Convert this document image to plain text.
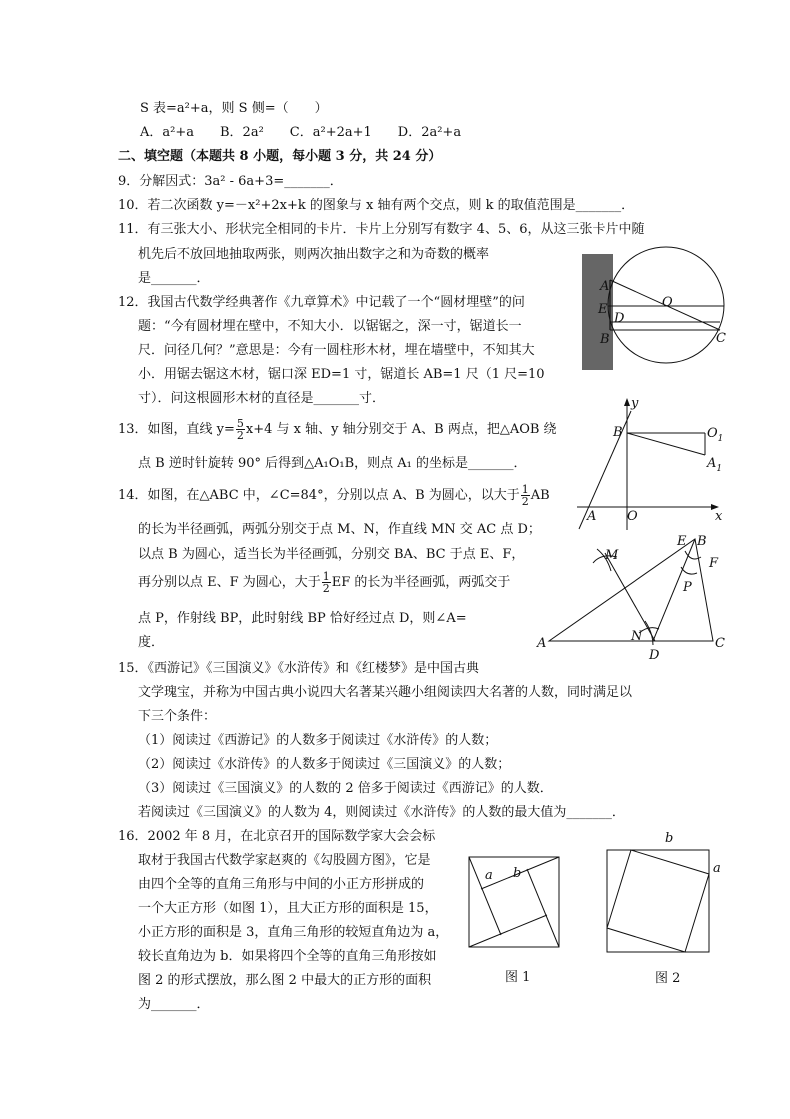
S 表=a²+a，则 S 侧=（　　）
A．a²+a　　B．2a²　　C．a²+2a+1　　D．2a²+a
二、填空题（本题共 8 小题，每小题 3 分，共 24 分）
9．分解因式：3a² - 6a+3=_______．
10．若二次函数 y=－x²+2x+k 的图象与 x 轴有两个交点，则 k 的取值范围是_______．
11．有三张大小、形状完全相同的卡片．卡片上分别写有数字 4、5、6，从这三张卡片中随
机先后不放回地抽取两张，则两次抽出数字之和为奇数的概率
是_______．
12．我国古代数学经典著作《九章算术》中记载了一个“圆材埋壁”的问
题：“今有圆材埋在壁中，不知大小．以锯锯之，深一寸，锯道长一
尺．问径几何？”意思是：今有一圆柱形木材，埋在墙壁中，不知其大
小．用锯去锯这木材，锯口深 ED=1 寸，锯道长 AB=1 尺（1 尺=10
寸）．问这根圆形木材的直径是_______寸．
A
E
D
B
O
C
13．如图，直线 $y= \frac{5}{2} x+4$ 与 x 轴、y 轴分别交于 A、B 两点，把△AOB 绕
点 B 逆时针旋转 90° 后得到△A₁O₁B，则点 A₁ 的坐标是_______．
y
B	$O_1$
$A_1$
A O	x
14．如图，在△ABC 中，∠C=84°，分别以点 A、B 为圆心，以大于 $\frac{1}{2}$ AB
的长为半径画弧，两弧分别交于点 M、N，作直线 MN 交 AC 点 D；
以点 B 为圆心，适当长为半径画弧，分别交 BA、BC 于点 E、F，
再分别以点 E、F 为圆心，大于 $\frac{1}{2}$ EF 的长为半径画弧，两弧交于
点 P，作射线 BP，此时射线 BP 恰好经过点 D，则∠A=
度．
M
E B
F
P
N
A
D
C
15．《西游记》《三国演义》《水浒传》和《红楼梦》是中国古典
文学瑰宝，并称为中国古典小说四大名著某兴趣小组阅读四大名著的人数，同时满足以
下三个条件：
（1）阅读过《西游记》的人数多于阅读过《水浒传》的人数；
（2）阅读过《水浒传》的人数多于阅读过《三国演义》的人数；
（3）阅读过《三国演义》的人数的 2 倍多于阅读过《西游记》的人数．
若阅读过《三国演义》的人数为 4，则阅读过《水浒传》的人数的最大值为_______．
16．2002 年 8 月，在北京召开的国际数学家大会会标
取材于我国古代数学家赵爽的《勾股圆方图》，它是
由四个全等的直角三角形与中间的小正方形拼成的
一个大正方形（如图 1），且大正方形的面积是 15，
小正方形的面积是 3，直角三角形的较短直角边为 a，
较长直角边为 b．如果将四个全等的直角三角形按如
图 2 的形式摆放，那么图 2 中最大的正方形的面积
为_______．
a b
图 1
b
a
图 2
